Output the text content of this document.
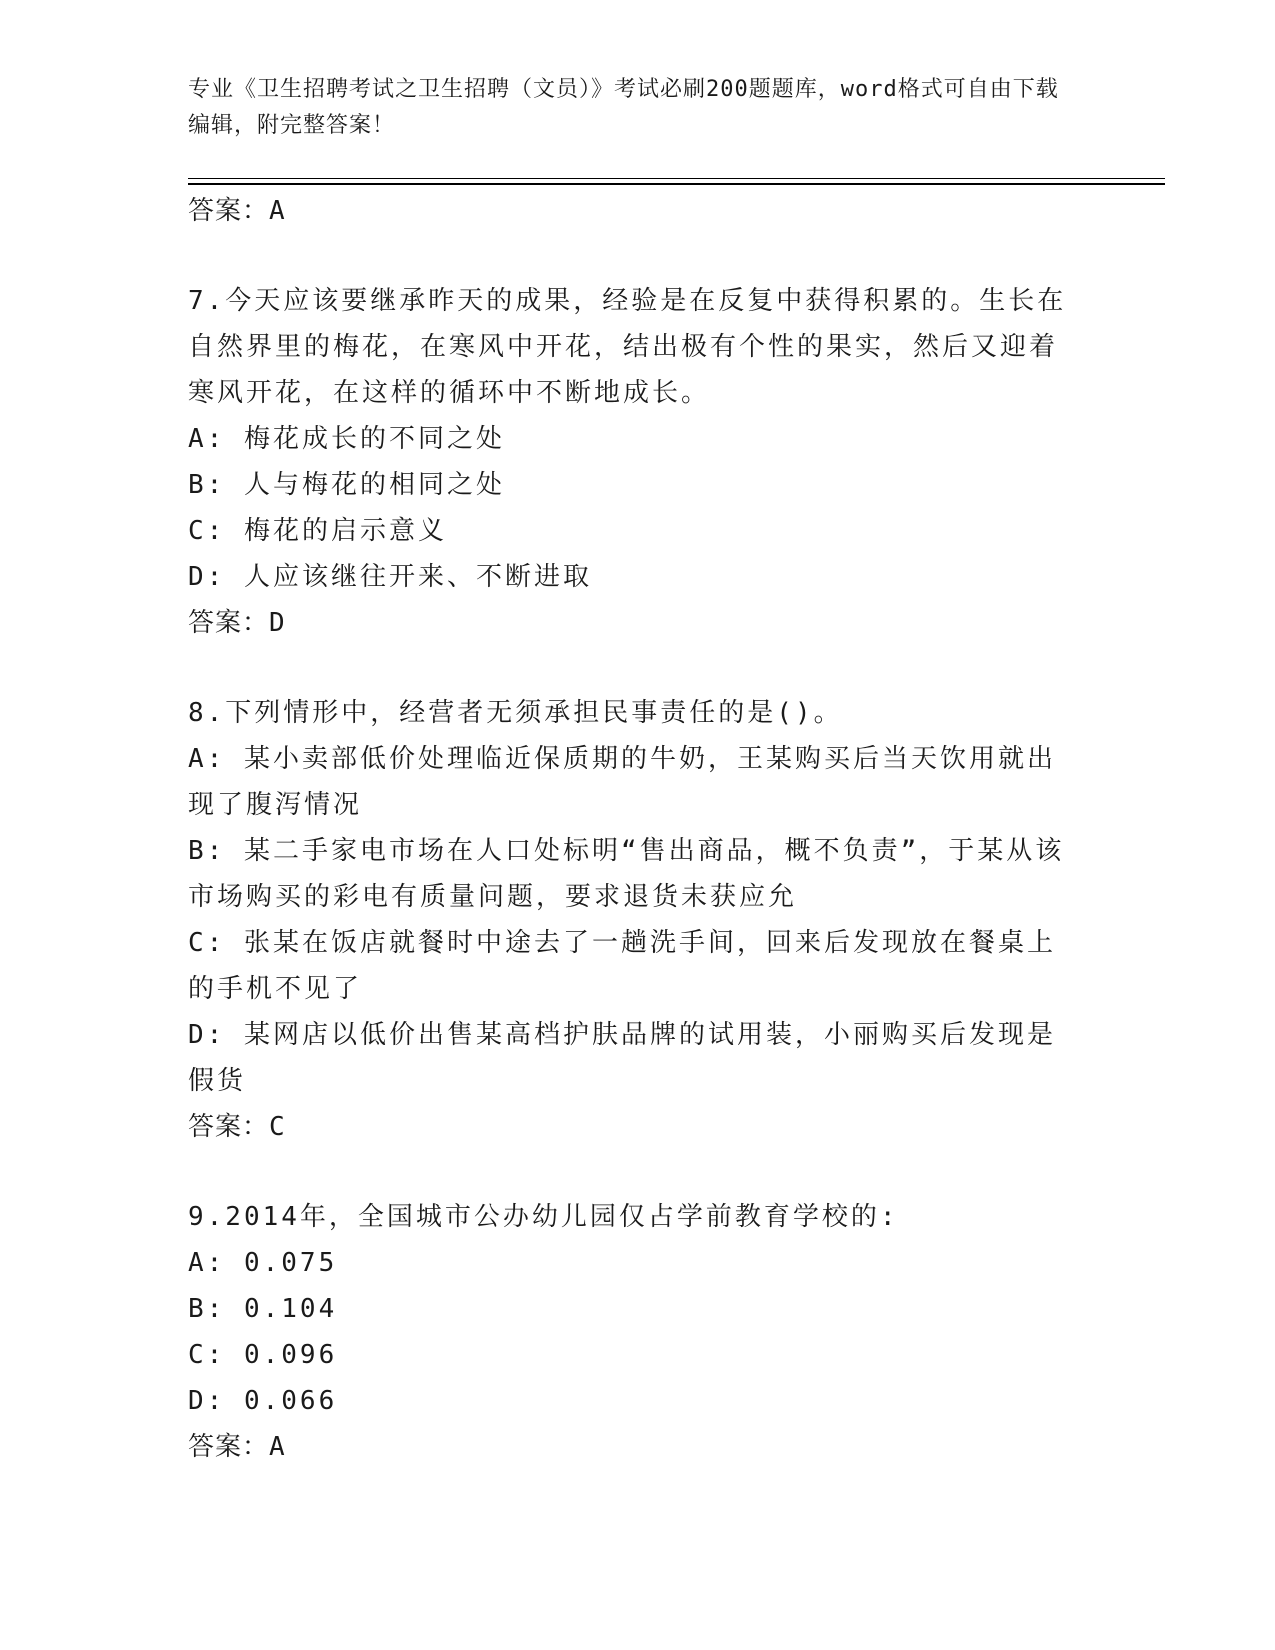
专业《卫生招聘考试之卫生招聘（文员）》考试必刷200题题库，word格式可自由下载编辑，附完整答案！
答案：A

7.今天应该要继承昨天的成果，经验是在反复中获得积累的。生长在自然界里的梅花，在寒风中开花，结出极有个性的果实，然后又迎着寒风开花，在这样的循环中不断地成长。

A: 梅花成长的不同之处

B: 人与梅花的相同之处

C: 梅花的启示意义

D: 人应该继往开来、不断进取

答案：D

8.下列情形中，经营者无须承担民事责任的是()。

A: 某小卖部低价处理临近保质期的牛奶，王某购买后当天饮用就出现了腹泻情况

B: 某二手家电市场在人口处标明“售出商品，概不负责”，于某从该市场购买的彩电有质量问题，要求退货未获应允

C: 张某在饭店就餐时中途去了一趟洗手间，回来后发现放在餐桌上的手机不见了

D: 某网店以低价出售某高档护肤品牌的试用装，小丽购买后发现是假货

答案：C

9.2014年，全国城市公办幼儿园仅占学前教育学校的:

A: 0.075

B: 0.104

C: 0.096

D: 0.066

答案：A
